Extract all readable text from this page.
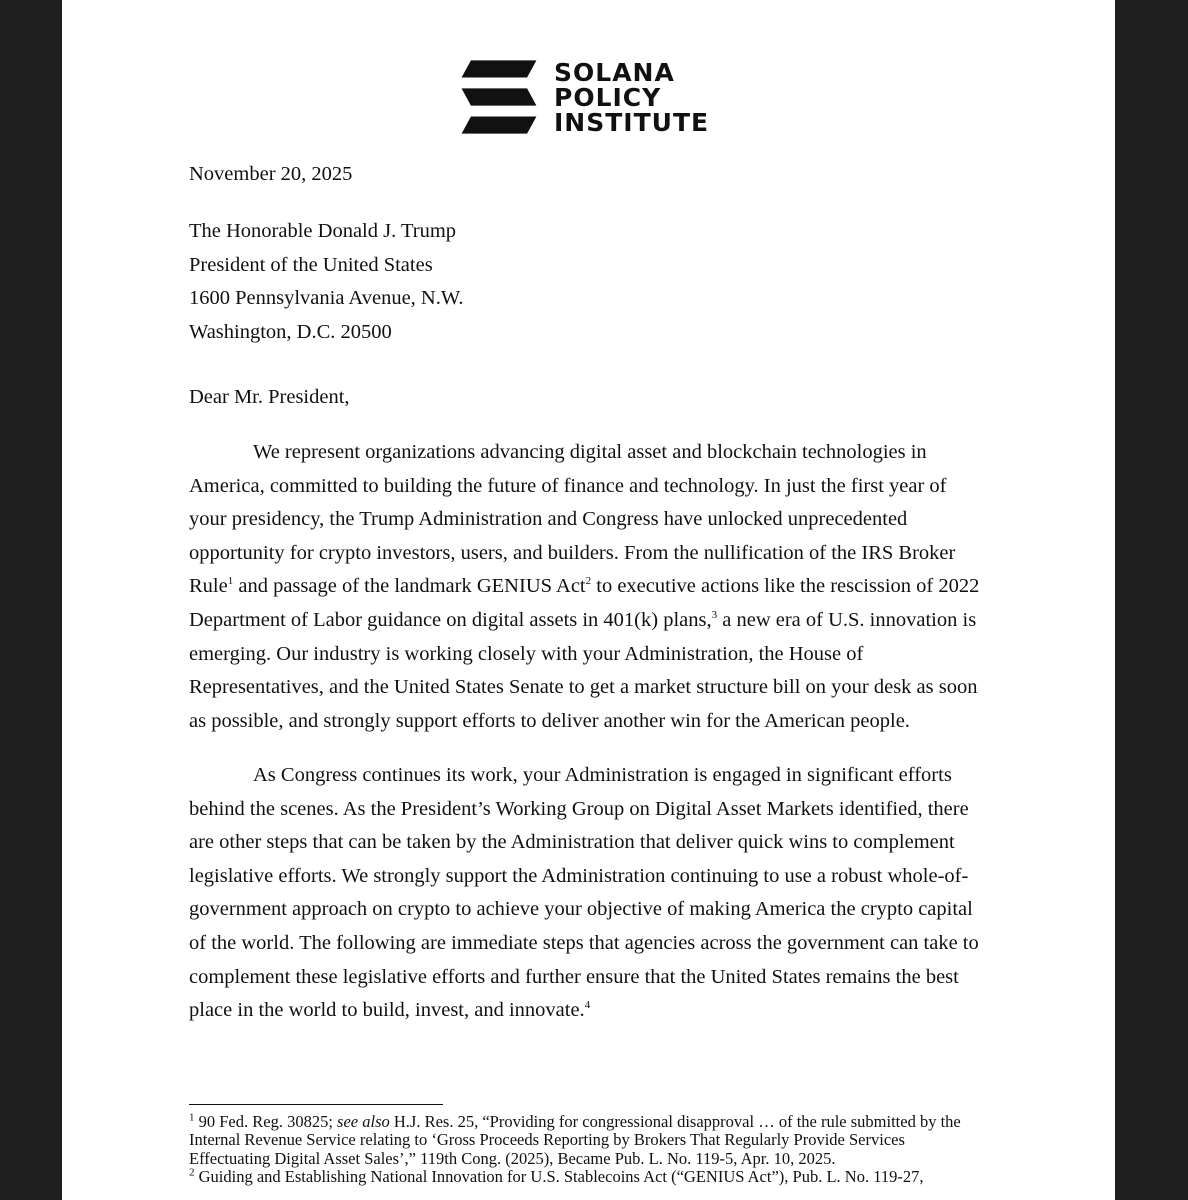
SOLANA
POLICY
INSTITUTE
November 20, 2025
The Honorable Donald J. Trump
President of the United States
1600 Pennsylvania Avenue, N.W.
Washington, D.C. 20500
Dear Mr. President,
We represent organizations advancing digital asset and blockchain technologies in America, committed to building the future of finance and technology. In just the first year of your presidency, the Trump Administration and Congress have unlocked unprecedented opportunity for crypto investors, users, and builders. From the nullification of the IRS Broker Rule$^1$ and passage of the landmark GENIUS Act$^2$ to executive actions like the rescission of 2022 Department of Labor guidance on digital assets in 401(k) plans,$^3$ a new era of U.S. innovation is emerging. Our industry is working closely with your Administration, the House of Representatives, and the United States Senate to get a market structure bill on your desk as soon as possible, and strongly support efforts to deliver another win for the American people.
As Congress continues its work, your Administration is engaged in significant efforts behind the scenes. As the President’s Working Group on Digital Asset Markets identified, there are other steps that can be taken by the Administration that deliver quick wins to complement legislative efforts. We strongly support the Administration continuing to use a robust whole-of-government approach on crypto to achieve your objective of making America the crypto capital of the world. The following are immediate steps that agencies across the government can take to complement these legislative efforts and further ensure that the United States remains the best place in the world to build, invest, and innovate.$^4$

$^1$ 90 Fed. Reg. 30825; see also H.J. Res. 25, “Providing for congressional disapproval … of the rule submitted by the Internal Revenue Service relating to ‘Gross Proceeds Reporting by Brokers That Regularly Provide Services Effectuating Digital Asset Sales’,” 119th Cong. (2025), Became Pub. L. No. 119-5, Apr. 10, 2025.

$^2$ Guiding and Establishing National Innovation for U.S. Stablecoins Act (“GENIUS Act”), Pub. L. No. 119-27,
